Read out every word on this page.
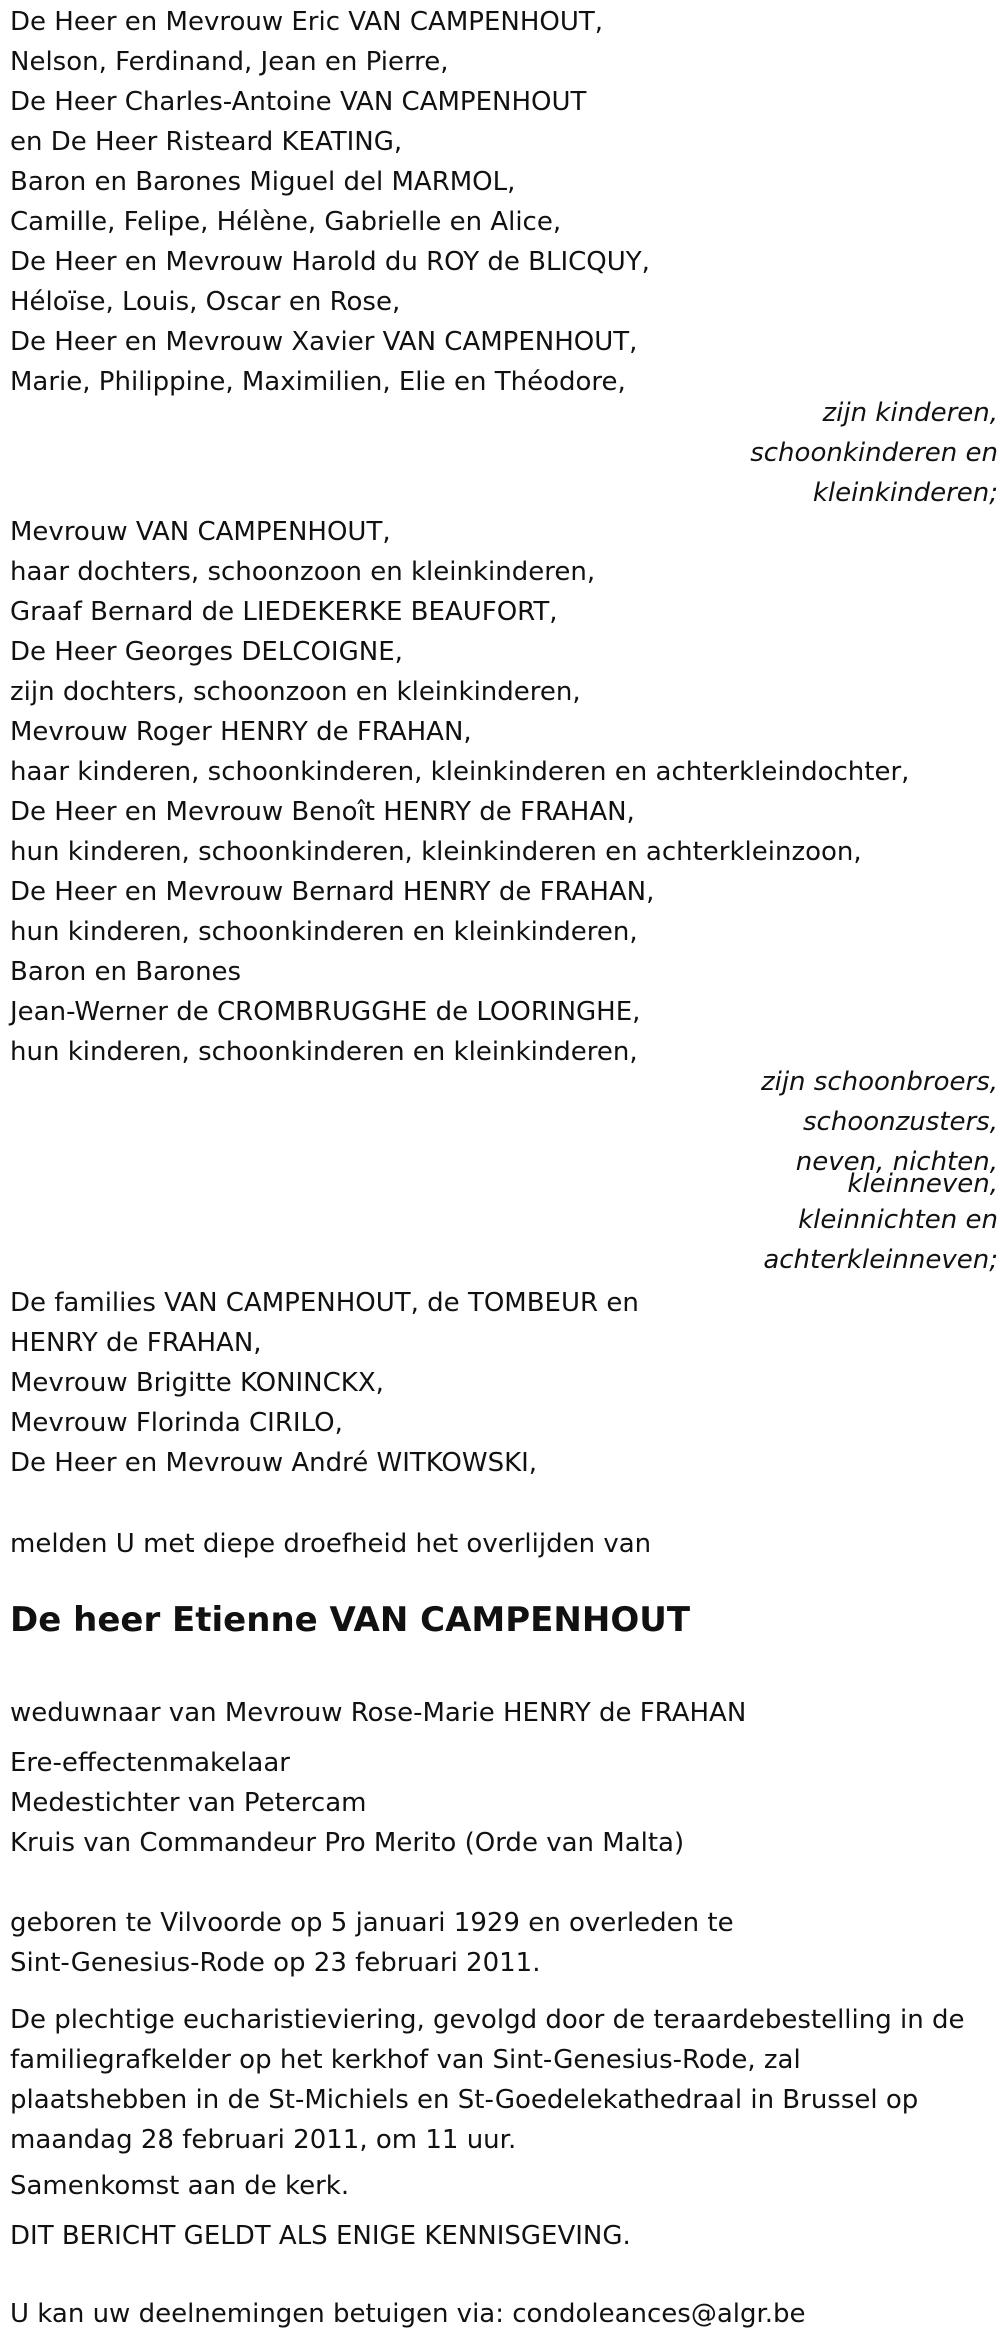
De Heer en Mevrouw Eric VAN CAMPENHOUT,
Nelson, Ferdinand, Jean en Pierre,
De Heer Charles-Antoine VAN CAMPENHOUT
en De Heer Risteard KEATING,
Baron en Barones Miguel del MARMOL,
Camille, Felipe, Hélène, Gabrielle en Alice,
De Heer en Mevrouw Harold du ROY de BLICQUY,
Héloïse, Louis, Oscar en Rose,
De Heer en Mevrouw Xavier VAN CAMPENHOUT,
Marie, Philippine, Maximilien, Elie en Théodore,
zijn kinderen,
schoonkinderen en
kleinkinderen;
Mevrouw VAN CAMPENHOUT,
haar dochters, schoonzoon en kleinkinderen,
Graaf Bernard de LIEDEKERKE BEAUFORT,
De Heer Georges DELCOIGNE,
zijn dochters, schoonzoon en kleinkinderen,
Mevrouw Roger HENRY de FRAHAN,
haar kinderen, schoonkinderen, kleinkinderen en achterkleindochter,
De Heer en Mevrouw Benoît HENRY de FRAHAN,
hun kinderen, schoonkinderen, kleinkinderen en achterkleinzoon,
De Heer en Mevrouw Bernard HENRY de FRAHAN,
hun kinderen, schoonkinderen en kleinkinderen,
Baron en Barones
Jean-Werner de CROMBRUGGHE de LOORINGHE,
hun kinderen, schoonkinderen en kleinkinderen,
zijn schoonbroers,
schoonzusters,
neven, nichten,
kleinneven,
kleinnichten en
achterkleinneven;
De families VAN CAMPENHOUT, de TOMBEUR en
HENRY de FRAHAN,
Mevrouw Brigitte KONINCKX,
Mevrouw Florinda CIRILO,
De Heer en Mevrouw André WITKOWSKI,

melden U met diepe droefheid het overlijden van

De heer Etienne VAN CAMPENHOUT

weduwnaar van Mevrouw Rose-Marie HENRY de FRAHAN

Ere-effectenmakelaar
Medestichter van Petercam
Kruis van Commandeur Pro Merito (Orde van Malta)
geboren te Vilvoorde op 5 januari 1929 en overleden te
Sint-Genesius-Rode op 23 februari 2011.
De plechtige eucharistieviering, gevolgd door de teraardebestelling in de
familiegrafkelder op het kerkhof van Sint-Genesius-Rode, zal
plaatshebben in de St-Michiels en St-Goedelekathedraal in Brussel op
maandag 28 februari 2011, om 11 uur.

Samenkomst aan de kerk.

DIT BERICHT GELDT ALS ENIGE KENNISGEVING.

U kan uw deelnemingen betuigen via: condoleances@algr.be
